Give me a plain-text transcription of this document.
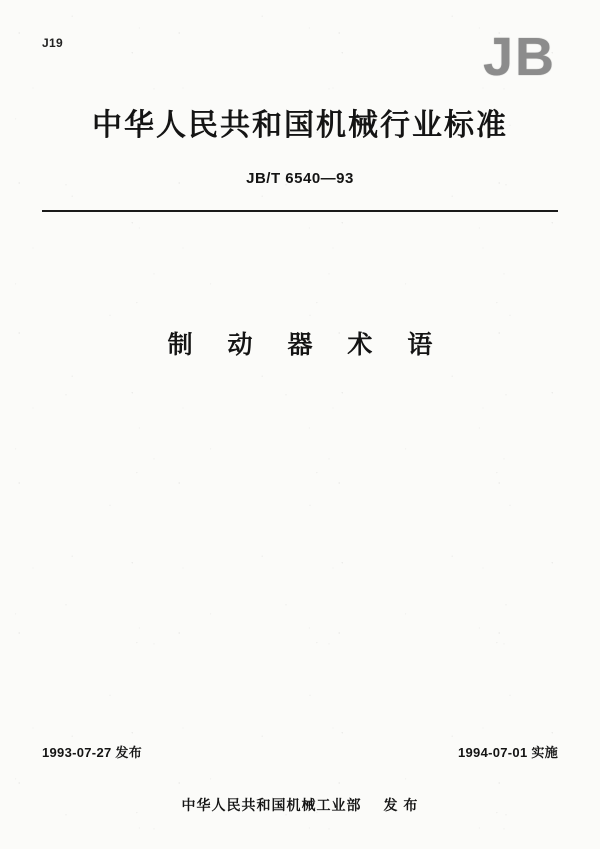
J19	JB
中华人民共和国机械行业标准
JB/T 6540—93
制 动 器 术 语
1993-07-27 发布	1994-07-01 实施
中华人民共和国机械工业部 发 布
